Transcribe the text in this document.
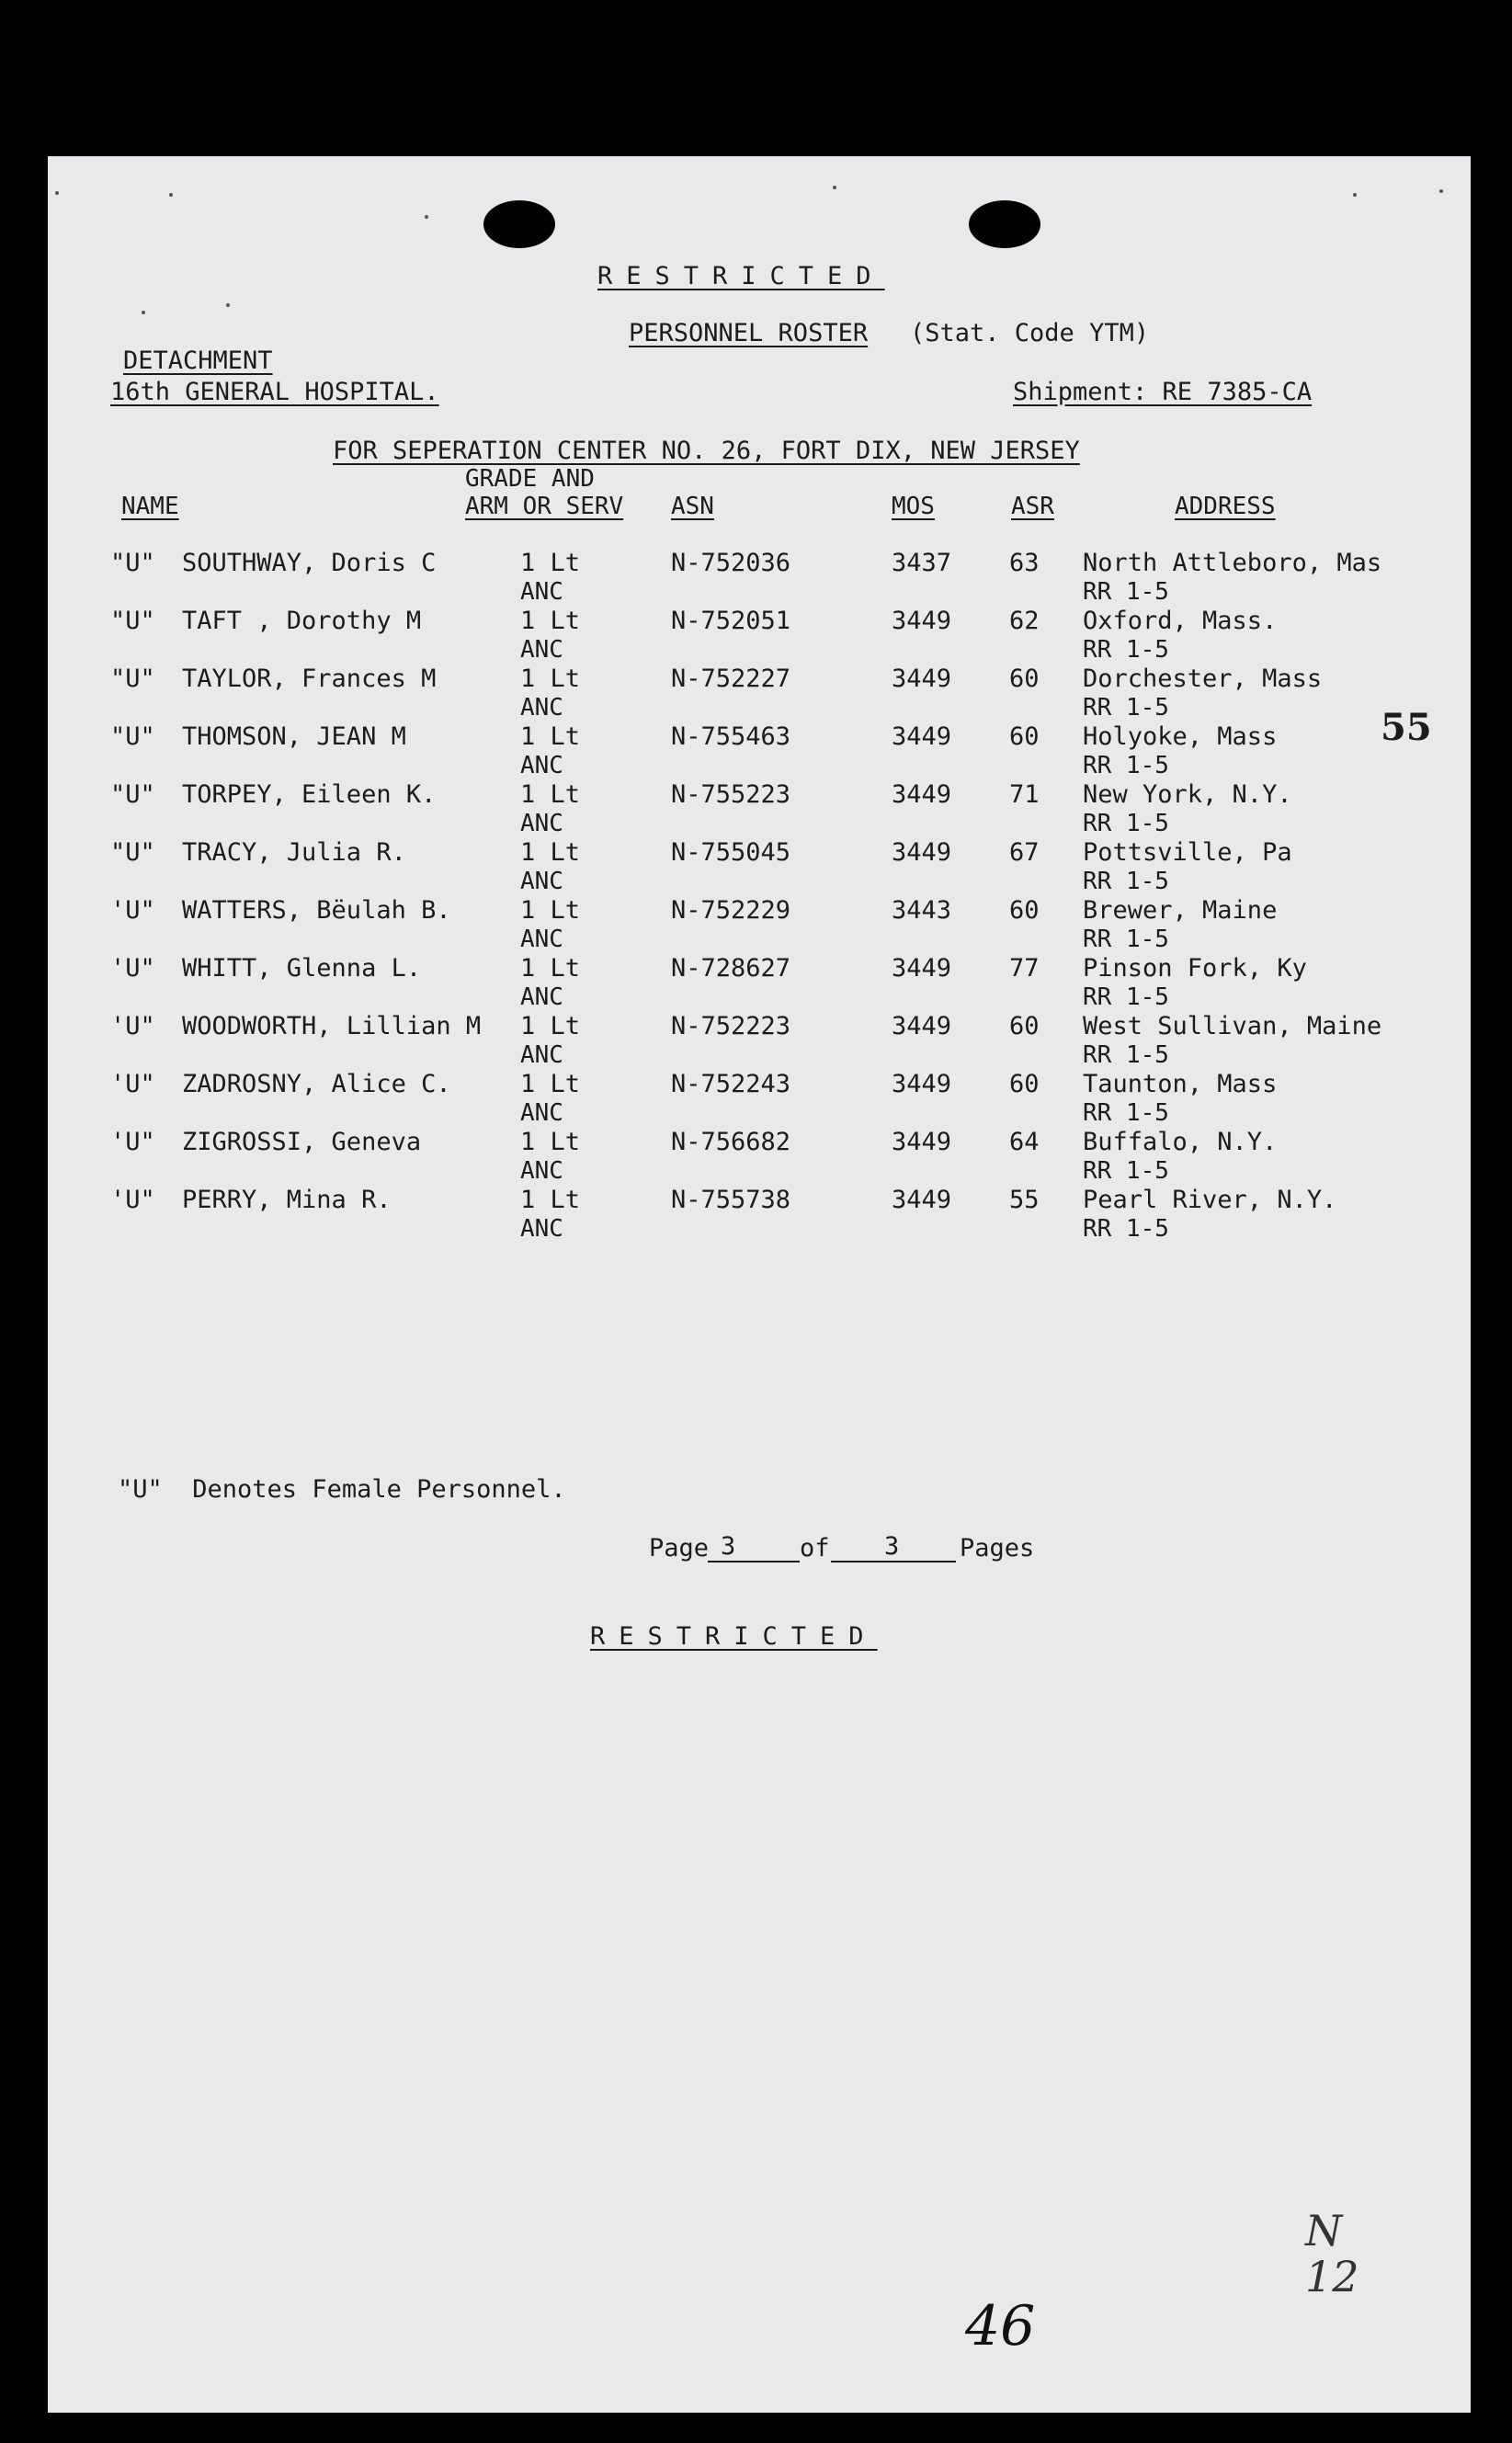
RESTRICTED
PERSONNEL ROSTER (Stat. Code YTM)
DETACHMENT
16th GENERAL HOSPITAL.	Shipment: RE 7385-CA
FOR SEPERATION CENTER NO. 26, FORT DIX, NEW JERSEY
GRADE AND
NAME	ARM OR SERV ASN	MOS	ASR	ADDRESS
"U" SOUTHWAY, Doris C	1 Lt	N-752036	3437 63 North Attleboro, Mas
ANC	RR 1-5
"U" TAFT , Dorothy M	1 Lt	N-752051	3449 62 Oxford, Mass.
ANC	RR 1-5
"U" TAYLOR, Frances M	1 Lt	N-752227	3449 60 Dorchester, Mass
ANC	RR 1-5
"U" THOMSON, JEAN M	1 Lt	N-755463	3449 60 Holyoke, Mass
ANC	RR 1-5
"U" TORPEY, Eileen K.	1 Lt	N-755223	3449 71 New York, N.Y.
ANC	RR 1-5
"U" TRACY, Julia R.	1 Lt	N-755045	3449 67 Pottsville, Pa
ANC	RR 1-5
'U" WATTERS, Bëulah B.	1 Lt	N-752229	3443 60 Brewer, Maine
ANC	RR 1-5
'U" WHITT, Glenna L.	1 Lt	N-728627	3449 77 Pinson Fork, Ky
ANC	RR 1-5
'U" WOODWORTH, Lillian M 1 Lt	N-752223	3449 60 West Sullivan, Maine
ANC	RR 1-5
'U" ZADROSNY, Alice C.	1 Lt	N-752243	3449 60 Taunton, Mass
ANC	RR 1-5
'U" ZIGROSSI, Geneva	1 Lt	N-756682	3449 64 Buffalo, N.Y.
ANC	RR 1-5
'U" PERRY, Mina R.	1 Lt	N-755738	3449 55 Pearl River, N.Y.
ANC	RR 1-5
55
"U"  Denotes Female Personnel.
Page 3	of 3 Pages
RESTRICTED
N 12
46
